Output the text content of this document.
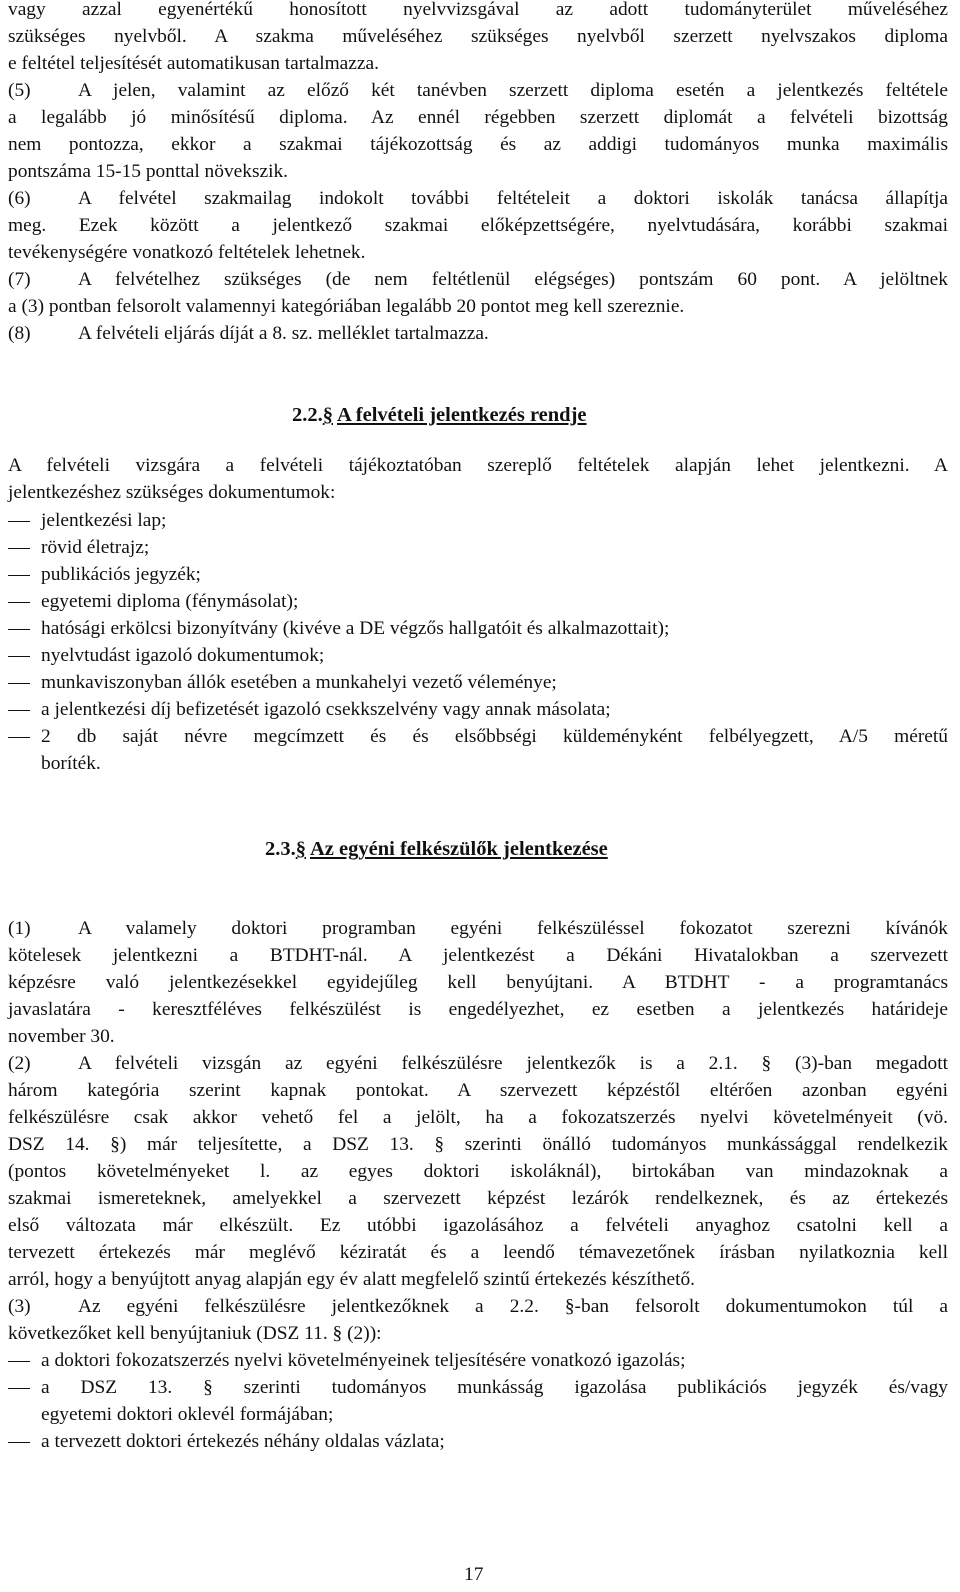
vagy azzal egyenértékű honosított nyelvvizsgával az adott tudományterület műveléséhez
szükséges nyelvből. A szakma műveléséhez szükséges nyelvből szerzett nyelvszakos diploma
e feltétel teljesítését automatikusan tartalmazza.
(5) A jelen, valamint az előző két tanévben szerzett diploma esetén a jelentkezés feltétele
a legalább jó minősítésű diploma. Az ennél régebben szerzett diplomát a felvételi bizottság
nem pontozza, ekkor a szakmai tájékozottság és az addigi tudományos munka maximális
pontszáma 15-15 ponttal növekszik.
(6) A felvétel szakmailag indokolt további feltételeit a doktori iskolák tanácsa állapítja
meg. Ezek között a jelentkező szakmai előképzettségére, nyelvtudására, korábbi szakmai
tevékenységére vonatkozó feltételek lehetnek.
(7) A felvételhez szükséges (de nem feltétlenül elégséges) pontszám 60 pont. A jelöltnek
a (3) pontban felsorolt valamennyi kategóriában legalább 20 pontot meg kell szereznie.
(8) A felvételi eljárás díját a 8. sz. melléklet tartalmazza.
2.2.§ A felvételi jelentkezés rendje
A felvételi vizsgára a felvételi tájékoztatóban szereplő feltételek alapján lehet jelentkezni. A
jelentkezéshez szükséges dokumentumok:
jelentkezési lap;
rövid életrajz;
publikációs jegyzék;
egyetemi diploma (fénymásolat);
hatósági erkölcsi bizonyítvány (kivéve a DE végzős hallgatóit és alkalmazottait);
nyelvtudást igazoló dokumentumok;
munkaviszonyban állók esetében a munkahelyi vezető véleménye;
a jelentkezési díj befizetését igazoló csekkszelvény vagy annak másolata;
2 db saját névre megcímzett és és elsőbbségi küldeményként felbélyegzett, A/5 méretű
boríték.
2.3.§ Az egyéni felkészülők jelentkezése
(1) A valamely doktori programban egyéni felkészüléssel fokozatot szerezni kívánók
kötelesek jelentkezni a BTDHT-nál. A jelentkezést a Dékáni Hivatalokban a szervezett
képzésre való jelentkezésekkel egyidejűleg kell benyújtani. A BTDHT - a programtanács
javaslatára - keresztféléves felkészülést is engedélyezhet, ez esetben a jelentkezés határideje
november 30.
(2) A felvételi vizsgán az egyéni felkészülésre jelentkezők is a 2.1. § (3)-ban megadott
három kategória szerint kapnak pontokat. A szervezett képzéstől eltérően azonban egyéni
felkészülésre csak akkor vehető fel a jelölt, ha a fokozatszerzés nyelvi követelményeit (vö.
DSZ 14. §) már teljesítette, a DSZ 13. § szerinti önálló tudományos munkássággal rendelkezik
(pontos követelményeket l. az egyes doktori iskoláknál), birtokában van mindazoknak a
szakmai ismereteknek, amelyekkel a szervezett képzést lezárók rendelkeznek, és az értekezés
első változata már elkészült. Ez utóbbi igazolásához a felvételi anyaghoz csatolni kell a
tervezett értekezés már meglévő kéziratát és a leendő témavezetőnek írásban nyilatkoznia kell
arról, hogy a benyújtott anyag alapján egy év alatt megfelelő szintű értekezés készíthető.
(3) Az egyéni felkészülésre jelentkezőknek a 2.2. §-ban felsorolt dokumentumokon túl a
következőket kell benyújtaniuk (DSZ 11. § (2)):
a doktori fokozatszerzés nyelvi követelményeinek teljesítésére vonatkozó igazolás;
a DSZ 13. § szerinti tudományos munkásság igazolása publikációs jegyzék és/vagy
egyetemi doktori oklevél formájában;
a tervezett doktori értekezés néhány oldalas vázlata;
17
